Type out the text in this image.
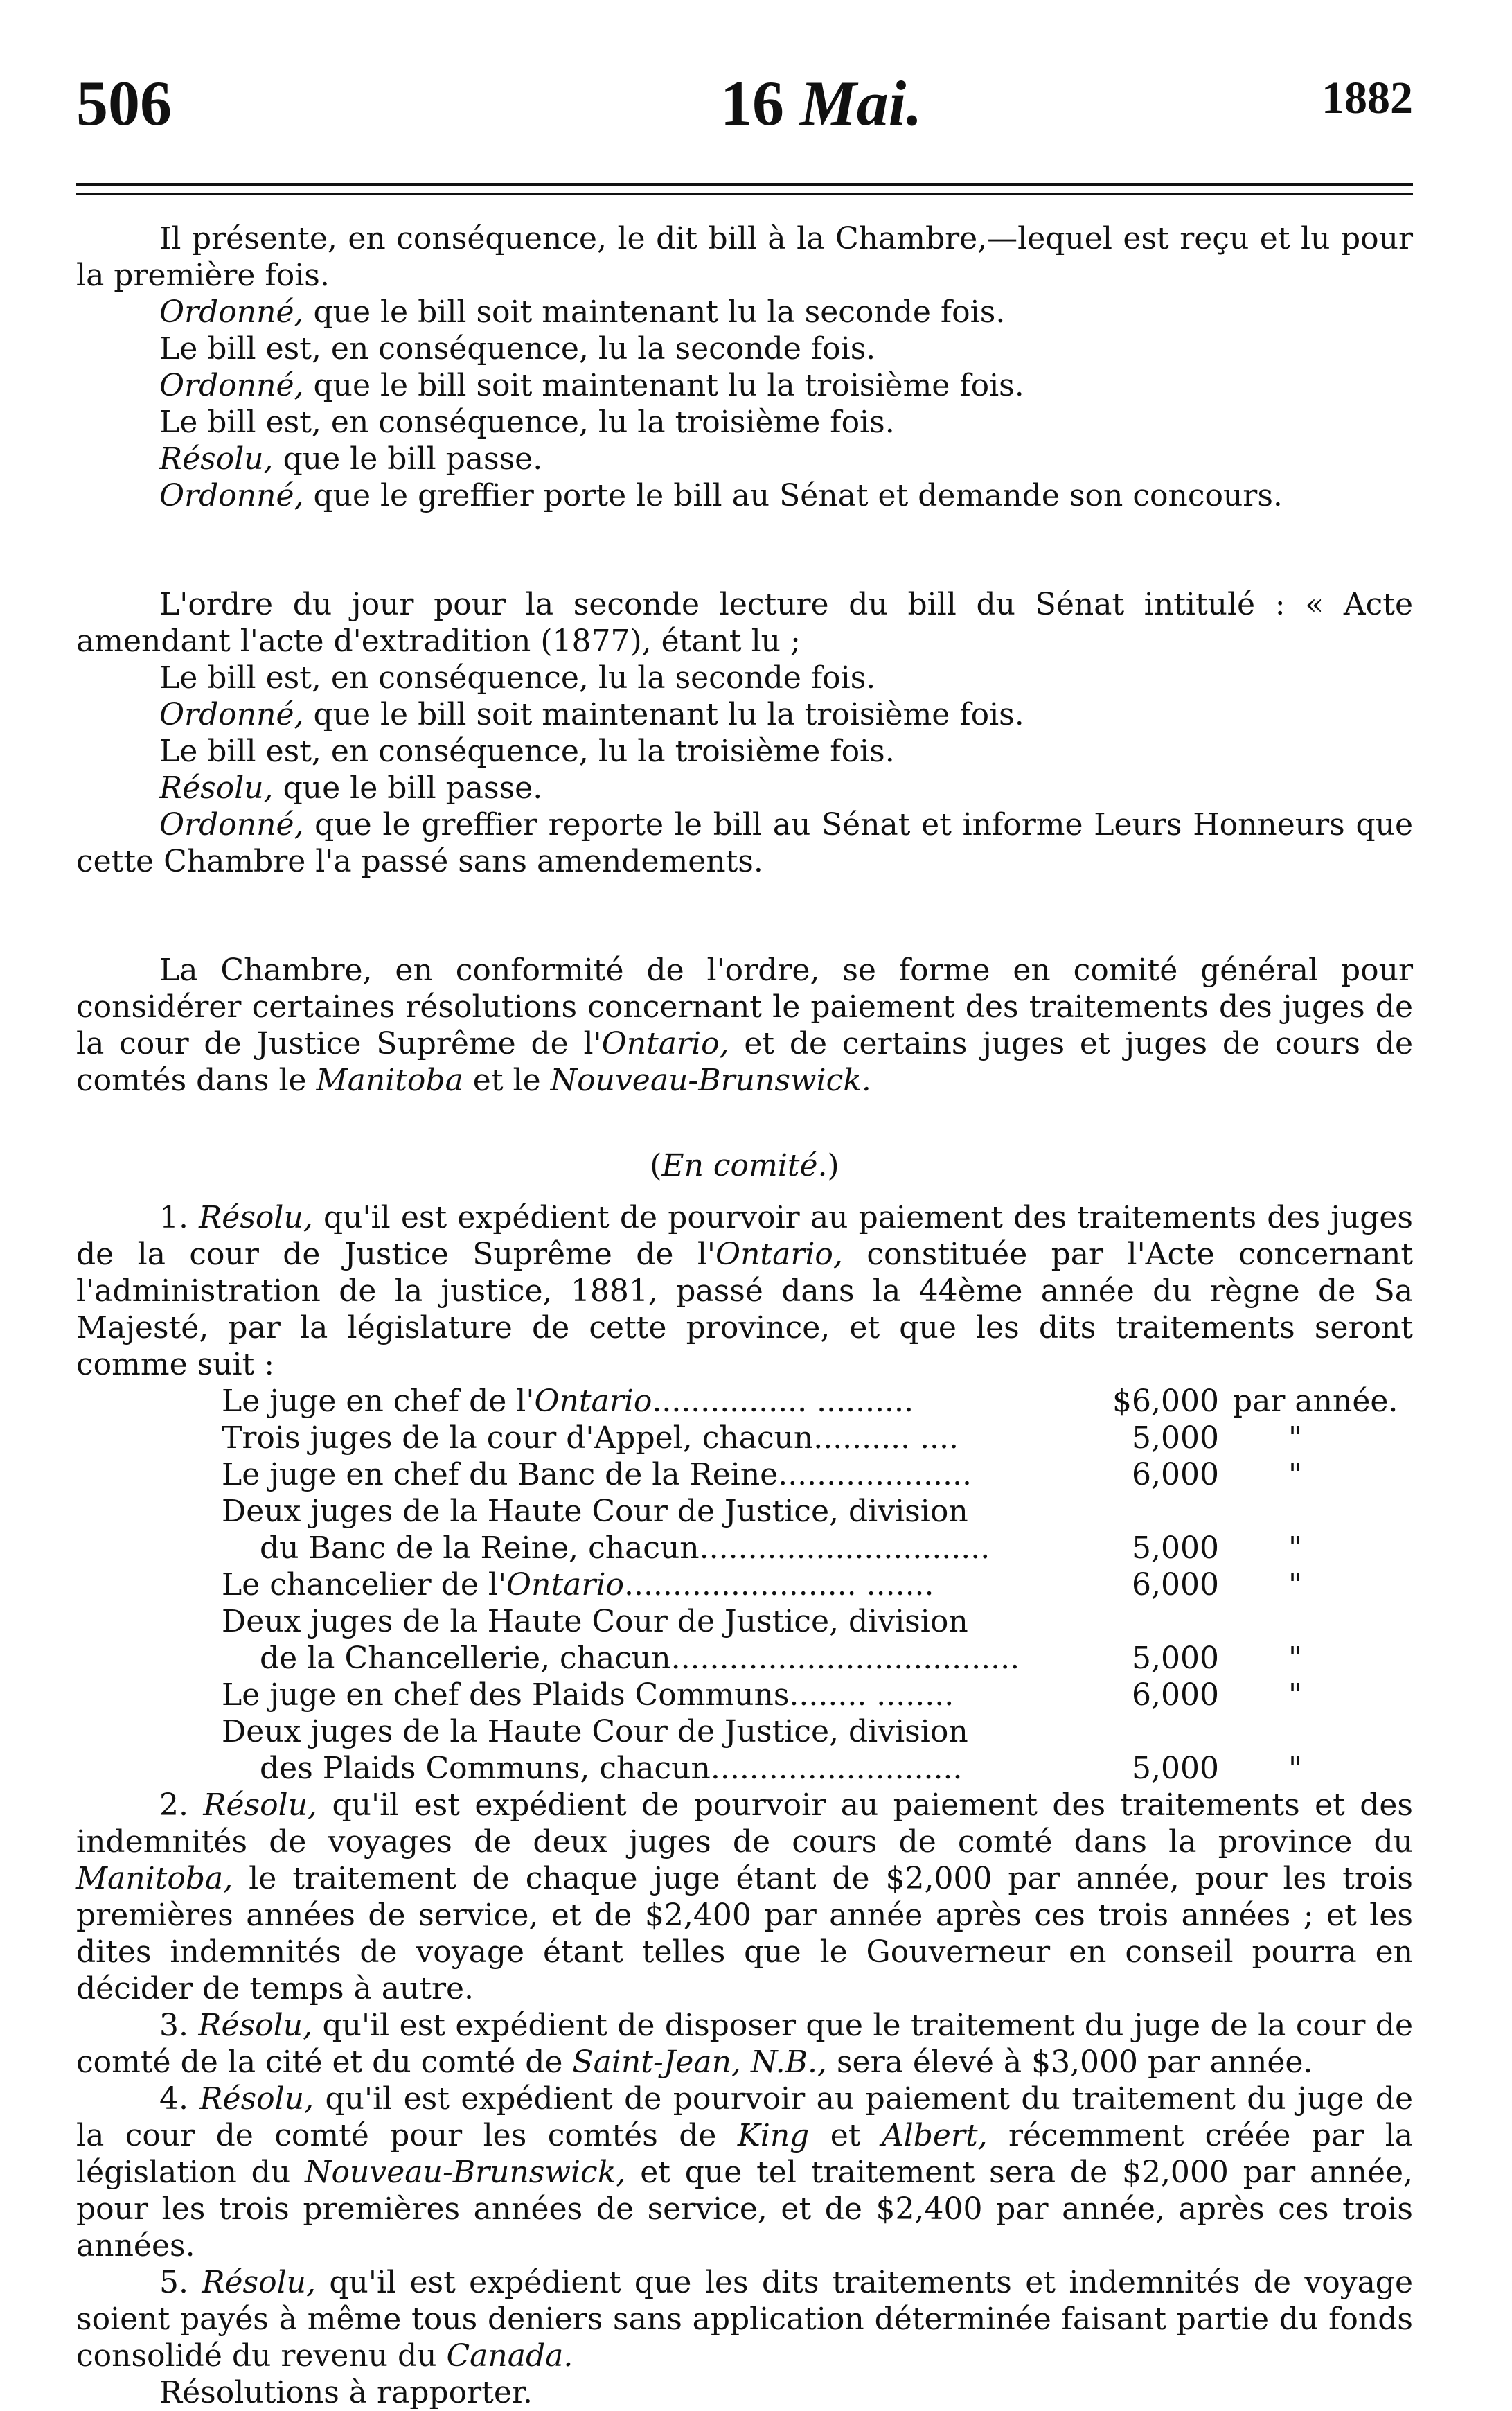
506	16 Mai.	1882

Il présente, en conséquence, le dit bill à la Chambre,—lequel est reçu et lu pour la première fois.

Ordonné, que le bill soit maintenant lu la seconde fois.

Le bill est, en conséquence, lu la seconde fois.

Ordonné, que le bill soit maintenant lu la troisième fois.

Le bill est, en conséquence, lu la troisième fois.

Résolu, que le bill passe.

Ordonné, que le greffier porte le bill au Sénat et demande son concours.

L'ordre du jour pour la seconde lecture du bill du Sénat intitulé : « Acte amendant l'acte d'extradition (1877), étant lu ;

Le bill est, en conséquence, lu la seconde fois.

Ordonné, que le bill soit maintenant lu la troisième fois.

Le bill est, en conséquence, lu la troisième fois.

Résolu, que le bill passe.

Ordonné, que le greffier reporte le bill au Sénat et informe Leurs Honneurs que cette Chambre l'a passé sans amendements.

La Chambre, en conformité de l'ordre, se forme en comité général pour considérer certaines résolutions concernant le paiement des traitements des juges de la cour de Justice Suprême de l'Ontario, et de certains juges et juges de cours de comtés dans le Manitoba et le Nouveau-Brunswick.

(En comité.)

1. Résolu, qu'il est expédient de pourvoir au paiement des traitements des juges de la cour de Justice Suprême de l'Ontario, constituée par l'Acte concernant l'administration de la justice, 1881, passé dans la 44ème année du règne de Sa Majesté, par la législature de cette province, et que les dits traitements seront comme suit :

Le juge en chef de l'Ontario................ ..........	$6,000 par année.
Trois juges de la cour d'Appel, chacun.......... ....	5,000 "
Le juge en chef du Banc de la Reine....................	6,000 "
Deux juges de la Haute Cour de Justice, division
du Banc de la Reine, chacun..............................	5,000 "
Le chancelier de l'Ontario........................ .......	6,000 "
Deux juges de la Haute Cour de Justice, division
de la Chancellerie, chacun....................................	5,000 "
Le juge en chef des Plaids Communs........ ........	6,000 "
Deux juges de la Haute Cour de Justice, division
des Plaids Communs, chacun..........................	5,000 "

2. Résolu, qu'il est expédient de pourvoir au paiement des traitements et des indemnités de voyages de deux juges de cours de comté dans la province du Manitoba, le traitement de chaque juge étant de $2,000 par année, pour les trois premières années de service, et de $2,400 par année après ces trois années ; et les dites indemnités de voyage étant telles que le Gouverneur en conseil pourra en décider de temps à autre.

3. Résolu, qu'il est expédient de disposer que le traitement du juge de la cour de comté de la cité et du comté de Saint-Jean, N.B., sera élevé à $3,000 par année.

4. Résolu, qu'il est expédient de pourvoir au paiement du traitement du juge de la cour de comté pour les comtés de King et Albert, récemment créée par la législation du Nouveau-Brunswick, et que tel traitement sera de $2,000 par année, pour les trois premières années de service, et de $2,400 par année, après ces trois années.

5. Résolu, qu'il est expédient que les dits traitements et indemnités de voyage soient payés à même tous deniers sans application déterminée faisant partie du fonds consolidé du revenu du Canada.

Résolutions à rapporter.
